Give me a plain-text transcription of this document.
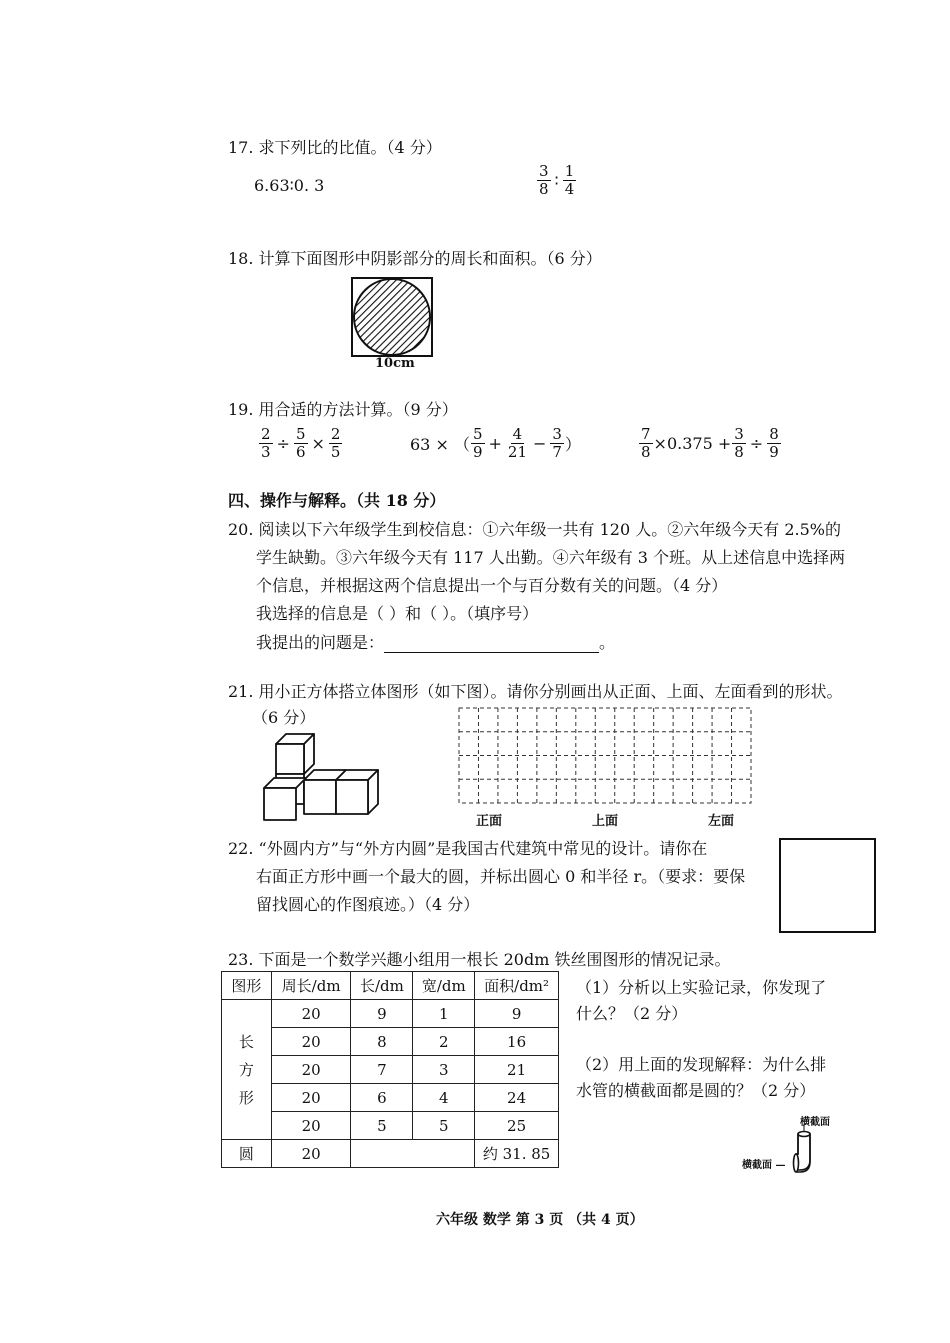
17. 求下列比的比值。（4 分）
6.63∶0. 3	$\frac{3}{8}$ ∶ $\frac{1}{4}$
18. 计算下面图形中阴影部分的周长和面积。（6 分）
10cm
19. 用合适的方法计算。（9 分）
$\frac{2}{3} \div \frac{5}{6} \times \frac{2}{5}$	63 × （ $\frac{5}{9} + \frac{4}{21} - \frac{3}{7}$ ）	$\frac{7}{8} \times 0.375 + \frac{3}{8} \div \frac{8}{9}$
四、操作与解释。（共 18 分）
20. 阅读以下六年级学生到校信息：①六年级一共有 120 人。②六年级今天有 2.5%的
学生缺勤。③六年级今天有 117 人出勤。④六年级有 3 个班。从上述信息中选择两
个信息，并根据这两个信息提出一个与百分数有关的问题。（4 分）
我选择的信息是（ ）和（ ）。（填序号）
我提出的问题是：	。
21. 用小正方体搭立体图形（如下图）。请你分别画出从正面、上面、左面看到的形状。
（6 分）
正面	上面	左面
22. “外圆内方”与“外方内圆”是我国古代建筑中常见的设计。请你在
右面正方形中画一个最大的圆，并标出圆心 0 和半径 r。（要求：要保
留找圆心的作图痕迹。）（4 分）
23. 下面是一个数学兴趣小组用一根长 20dm 铁丝围图形的情况记录。
图形	周长/dm	长/dm	宽/dm	面积/dm²

长
方
形	20	9	1	9
	20	8	2	16
	20	7	3	21
	20	6	4	24
	20	5	5	25
圆	20			约 31. 85
（1）分析以上实验记录，你发现了
什么？（2 分）
（2）用上面的发现解释：为什么排
水管的横截面都是圆的？（2 分）
横截面
横截面 —
六年级 数学 第 3 页 （共 4 页）
